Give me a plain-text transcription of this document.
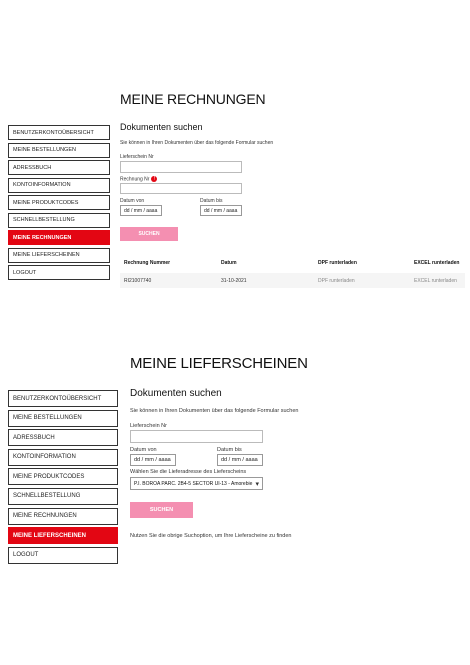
MEINE RECHNUNGEN
BENUTZERKONTOÜBERSICHT
MEINE BESTELLUNGEN
ADRESSBUCH
KONTOINFORMATION
MEINE PRODUKTCODES
SCHNELLBESTELLUNG
MEINE RECHNUNGEN
MEINE LIEFERSCHEINEN
LOGOUT
Dokumenten suchen
Sie können in Ihren Dokumenten über das folgende Formular suchen
Lieferschein Nr
Rechnung Nr !
Datum von
dd / mm / aaaa
Datum bis
dd / mm / aaaa
SUCHEN
Rechnung Nummer	Datum	DPF runterladen	EXCEL runterladen
RI21007740	31-10-2021	DPF runterladen	EXCEL runterladen
MEINE LIEFERSCHEINEN
BENUTZERKONTOÜBERSICHT
MEINE BESTELLUNGEN
ADRESSBUCH
KONTOINFORMATION
MEINE PRODUKTCODES
SCHNELLBESTELLUNG
MEINE RECHNUNGEN
MEINE LIEFERSCHEINEN
LOGOUT
Dokumenten suchen
Sie können in Ihren Dokumenten über das folgende Formular suchen
Lieferschein Nr
Datum von
dd / mm / aaaa
Datum bis
dd / mm / aaaa
Wählen Sie die Lieferadresse des Lieferscheins
P.I. BOROA PARC. 2B4-5 SECTOR UI-13 - Amorebie ▾
SUCHEN
Nutzen Sie die obrige Suchoption, um Ihre Lieferscheine zu finden
